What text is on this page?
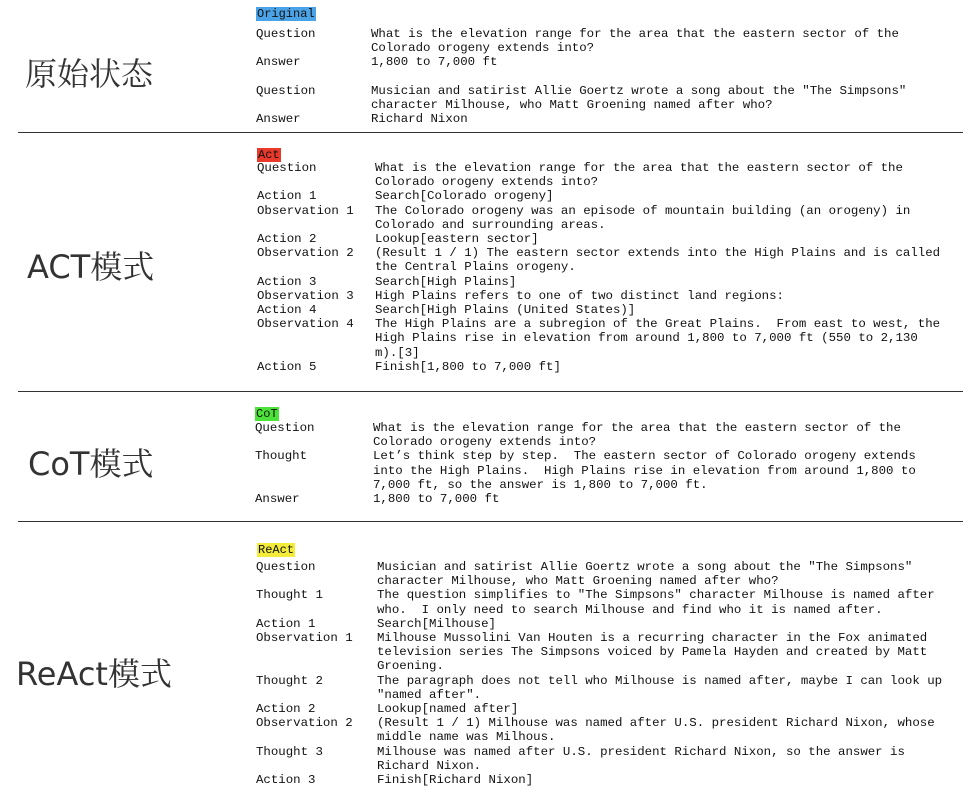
原始状态
Original
Question	What is the elevation range for the area that the eastern sector of the
Colorado orogeny extends into?
Answer	1,800 to 7,000 ft
Question	Musician and satirist Allie Goertz wrote a song about the "The Simpsons"
character Milhouse, who Matt Groening named after who?
Answer	Richard Nixon
ACT模式
Act
Question	What is the elevation range for the area that the eastern sector of the
Colorado orogeny extends into?
Action 1	Search[Colorado orogeny]
Observation 1 The Colorado orogeny was an episode of mountain building (an orogeny) in
Colorado and surrounding areas.
Action 2	Lookup[eastern sector]
Observation 2 (Result 1 / 1) The eastern sector extends into the High Plains and is called
the Central Plains orogeny.
Action 3	Search[High Plains]
Observation 3 High Plains refers to one of two distinct land regions:
Action 4	Search[High Plains (United States)]
Observation 4 The High Plains are a subregion of the Great Plains.  From east to west, the
High Plains rise in elevation from around 1,800 to 7,000 ft (550 to 2,130
m).[3]
Action 5	Finish[1,800 to 7,000 ft]
CoT模式
CoT
Question	What is the elevation range for the area that the eastern sector of the
Colorado orogeny extends into?
Thought	Let’s think step by step.  The eastern sector of Colorado orogeny extends
into the High Plains.  High Plains rise in elevation from around 1,800 to
7,000 ft, so the answer is 1,800 to 7,000 ft.
Answer	1,800 to 7,000 ft
ReAct模式
ReAct
Question	Musician and satirist Allie Goertz wrote a song about the "The Simpsons"
character Milhouse, who Matt Groening named after who?
Thought 1	The question simplifies to "The Simpsons" character Milhouse is named after
who.  I only need to search Milhouse and find who it is named after.
Action 1	Search[Milhouse]
Observation 1 Milhouse Mussolini Van Houten is a recurring character in the Fox animated
television series The Simpsons voiced by Pamela Hayden and created by Matt
Groening.
Thought 2	The paragraph does not tell who Milhouse is named after, maybe I can look up
"named after".
Action 2	Lookup[named after]
Observation 2 (Result 1 / 1) Milhouse was named after U.S. president Richard Nixon, whose
middle name was Milhous.
Thought 3	Milhouse was named after U.S. president Richard Nixon, so the answer is
Richard Nixon.
Action 3	Finish[Richard Nixon]
